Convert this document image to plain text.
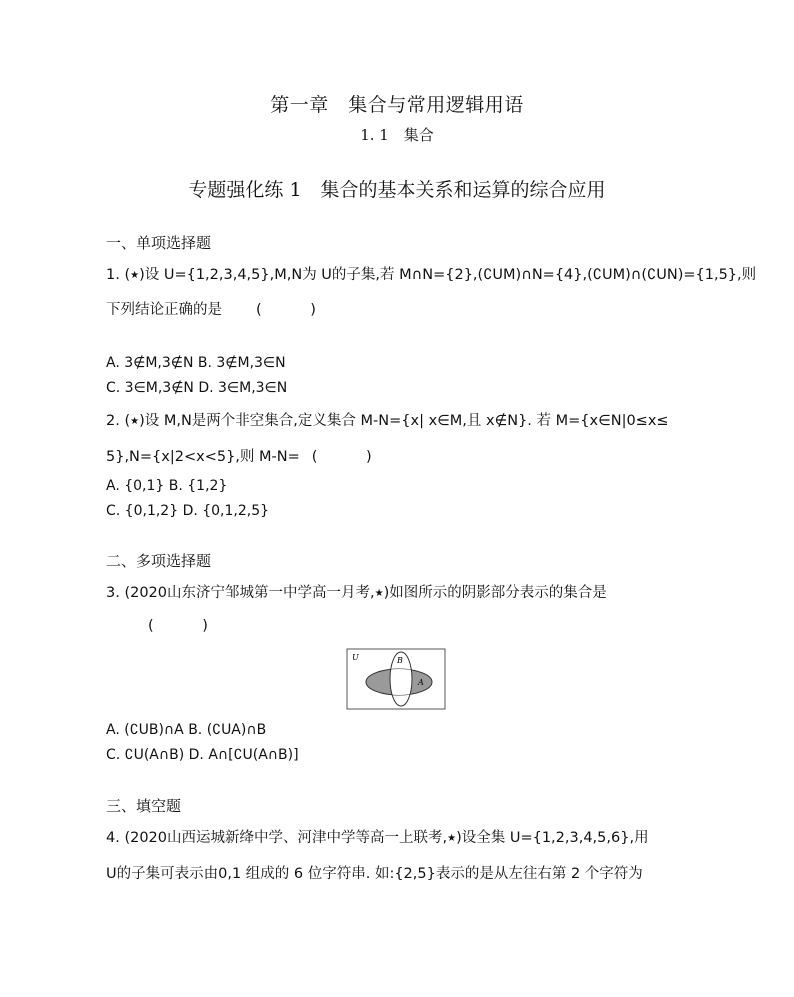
第一章　集合与常用逻辑用语
1. 1　集合
专题强化练 1　集合的基本关系和运算的综合应用
一、单项选择题
1. (★)设 U={1,2,3,4,5},M,N为 U的子集,若 M∩N={2},(∁UM)∩N={4},(∁UM)∩(∁UN)={1,5},则
下列结论正确的是 ( )
A. 3∉M,3∉N B. 3∉M,3∈N
C. 3∈M,3∉N D. 3∈M,3∈N
2. (★)设 M,N是两个非空集合,定义集合 M-N={x| x∈M,且 x∉N}. 若 M={x∈N|0≤x≤
5},N={x|2<x<5},则 M-N= ( )
A. {0,1} B. {1,2}
C. {0,1,2} D. {0,1,2,5}
二、多项选择题
3. (2020山东济宁邹城第一中学高一月考,★)如图所示的阴影部分表示的集合是
( )
U	B
A
A. (∁UB)∩A B. (∁UA)∩B
C. ∁U(A∩B) D. A∩[∁U(A∩B)]
三、填空题
4. (2020山西运城新绛中学、河津中学等高一上联考,★)设全集 U={1,2,3,4,5,6},用
U的子集可表示由0,1 组成的 6 位字符串. 如:{2,5}表示的是从左往右第 2 个字符为
